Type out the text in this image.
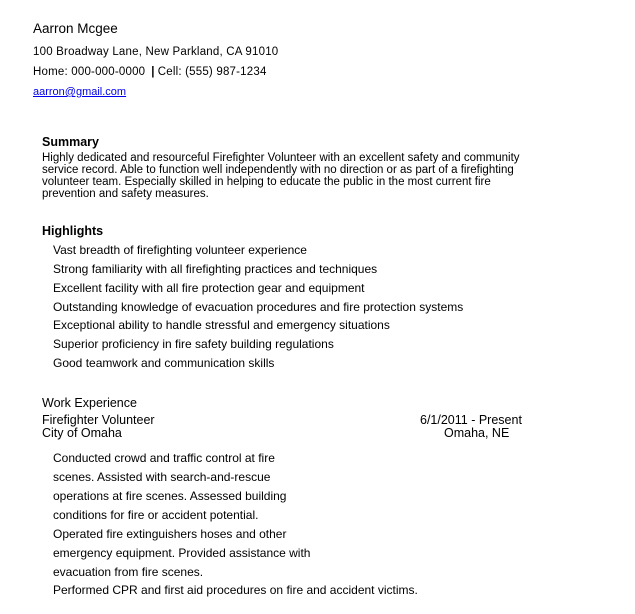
Aarron Mcgee
100 Broadway Lane, New Parkland, CA 91010
Home: 000-000-0000 | Cell: (555) 987-1234
aarron@gmail.com
Summary
Highly dedicated and resourceful Firefighter Volunteer with an excellent safety and community
service record. Able to function well independently with no direction or as part of a firefighting
volunteer team. Especially skilled in helping to educate the public in the most current fire
prevention and safety measures.
Highlights
Vast breadth of firefighting volunteer experience
Strong familiarity with all firefighting practices and techniques
Excellent facility with all fire protection gear and equipment
Outstanding knowledge of evacuation procedures and fire protection systems
Exceptional ability to handle stressful and emergency situations
Superior proficiency in fire safety building regulations
Good teamwork and communication skills
Work Experience
Firefighter Volunteer	6/1/2011 - Present
City of Omaha	Omaha, NE
Conducted crowd and traffic control at fire
scenes. Assisted with search-and-rescue
operations at fire scenes. Assessed building
conditions for fire or accident potential.
Operated fire extinguishers hoses and other
emergency equipment. Provided assistance with
evacuation from fire scenes.
Performed CPR and first aid procedures on fire and accident victims.
